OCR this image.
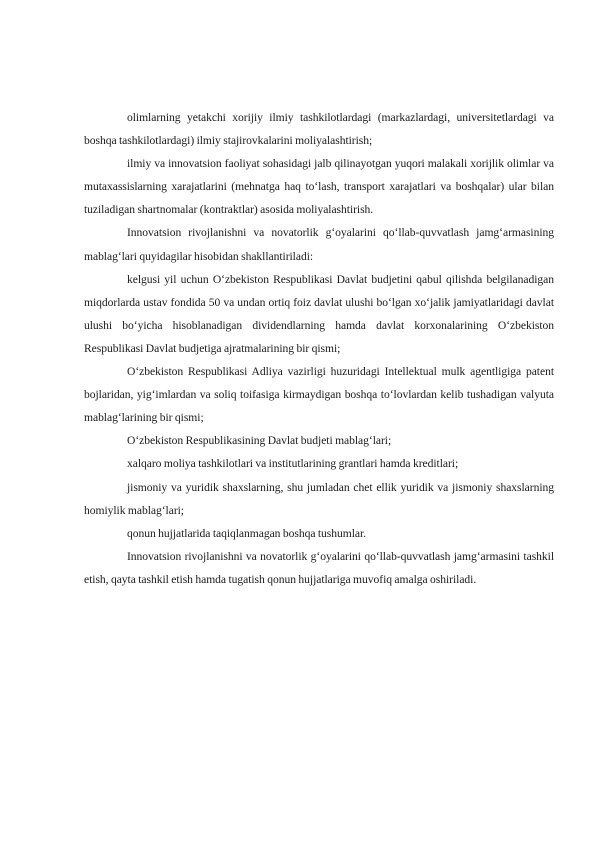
olimlarning yetakchi xorijiy ilmiy tashkilotlardagi (markazlardagi, universitetlardagi va boshqa tashkilotlardagi) ilmiy stajirovkalarini moliyalashtirish;

ilmiy va innovatsion faoliyat sohasidagi jalb qilinayotgan yuqori malakali xorijlik olimlar va mutaxassislarning xarajatlarini (mehnatga haq to‘lash, transport xarajatlari va boshqalar) ular bilan tuziladigan shartnomalar (kontraktlar) asosida moliyalashtirish.

Innovatsion rivojlanishni va novatorlik g‘oyalarini qo‘llab-quvvatlash jamg‘armasining mablag‘lari quyidagilar hisobidan shakllantiriladi:

kelgusi yil uchun O‘zbekiston Respublikasi Davlat budjetini qabul qilishda belgilanadigan miqdorlarda ustav fondida 50 va undan ortiq foiz davlat ulushi bo‘lgan xo‘jalik jamiyatlaridagi davlat ulushi bo‘yicha hisoblanadigan dividendlarning hamda davlat korxonalarining O‘zbekiston Respublikasi Davlat budjetiga ajratmalarining bir qismi;

O‘zbekiston Respublikasi Adliya vazirligi huzuridagi Intellektual mulk agentligiga patent bojlaridan, yig‘imlardan va soliq toifasiga kirmaydigan boshqa to‘lovlardan kelib tushadigan valyuta mablag‘larining bir qismi;

O‘zbekiston Respublikasining Davlat budjeti mablag‘lari;

xalqaro moliya tashkilotlari va institutlarining grantlari hamda kreditlari;

jismoniy va yuridik shaxslarning, shu jumladan chet ellik yuridik va jismoniy shaxslarning homiylik mablag‘lari;

qonun hujjatlarida taqiqlanmagan boshqa tushumlar.

Innovatsion rivojlanishni va novatorlik g‘oyalarini qo‘llab-quvvatlash jamg‘armasini tashkil etish, qayta tashkil etish hamda tugatish qonun hujjatlariga muvofiq amalga oshiriladi.
